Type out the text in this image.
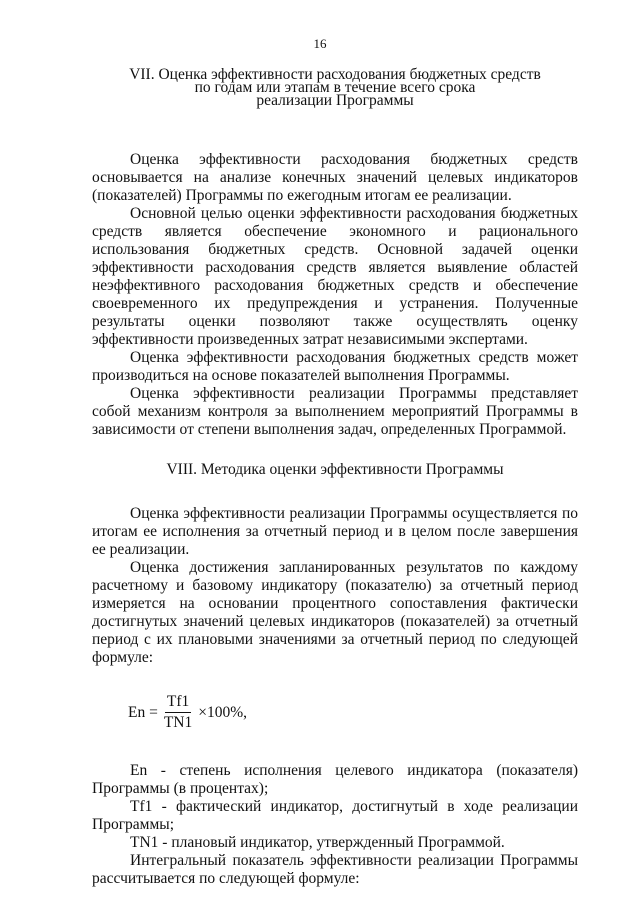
16
VII. Оценка эффективности расходования бюджетных средств
по годам или этапам в течение всего срока
реализации Программы

Оценка эффективности расходования бюджетных средств основывается на анализе конечных значений целевых индикаторов (показателей) Программы по ежегодным итогам ее реализации.

Основной целью оценки эффективности расходования бюджетных средств является обеспечение экономного и рационального использования бюджетных средств. Основной задачей оценки эффективности расходования средств является выявление областей неэффективного расходования бюджетных средств и обеспечение своевременного их предупреждения и устранения. Полученные результаты оценки позволяют также осуществлять оценку эффективности произведенных затрат независимыми экспертами.

Оценка эффективности расходования бюджетных средств может производиться на основе показателей выполнения Программы.

Оценка эффективности реализации Программы представляет собой механизм контроля за выполнением мероприятий Программы в зависимости от степени выполнения задач, определенных Программой.

VIII. Методика оценки эффективности Программы

Оценка эффективности реализации Программы осуществляется по итогам ее исполнения за отчетный период и в целом после завершения ее реализации.

Оценка достижения запланированных результатов по каждому расчетному и базовому индикатору (показателю) за отчетный период измеряется на основании процентного сопоставления фактически достигнутых значений целевых индикаторов (показателей) за отчетный период с их плановыми значениями за отчетный период по следующей формуле:

$En = \frac{Tf1}{TN1} \times 100\%$,

En - степень исполнения целевого индикатора (показателя) Программы (в процентах);

Tf1 - фактический индикатор, достигнутый в ходе реализации Программы;

TN1 - плановый индикатор, утвержденный Программой.

Интегральный показатель эффективности реализации Программы рассчитывается по следующей формуле:
